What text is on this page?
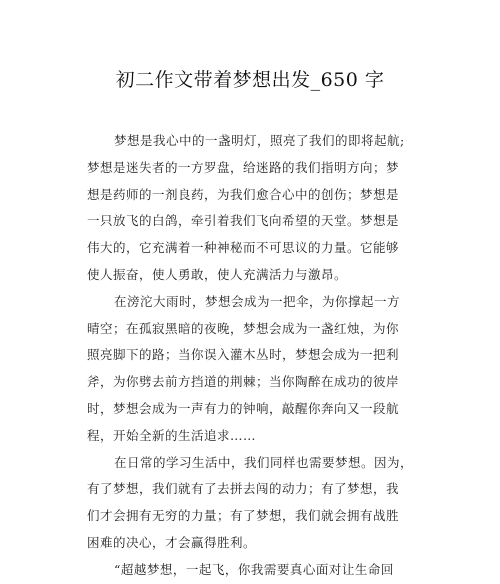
初二作文带着梦想出发_650 字
梦想是我心中的一盏明灯，照亮了我们的即将起航;
梦想是迷失者的一方罗盘，给迷路的我们指明方向；梦
想是药师的一剂良药，为我们愈合心中的创伤；梦想是
一只放飞的白鸽，牵引着我们飞向希望的天堂。梦想是
伟大的，它充满着一种神秘而不可思议的力量。它能够
使人振奋，使人勇敢，使人充满活力与激昂。
在滂沱大雨时，梦想会成为一把伞，为你撑起一方
晴空；在孤寂黑暗的夜晚，梦想会成为一盏红烛，为你
照亮脚下的路；当你误入灌木丛时，梦想会成为一把利
斧，为你劈去前方挡道的荆棘；当你陶醉在成功的彼岸
时，梦想会成为一声有力的钟响，敲醒你奔向又一段航
程，开始全新的生活追求……
在日常的学习生活中，我们同样也需要梦想。因为，
有了梦想，我们就有了去拼去闯的动力；有了梦想，我
们才会拥有无穷的力量；有了梦想，我们就会拥有战胜
困难的决心，才会赢得胜利。
“超越梦想，一起飞，你我需要真心面对让生命回
